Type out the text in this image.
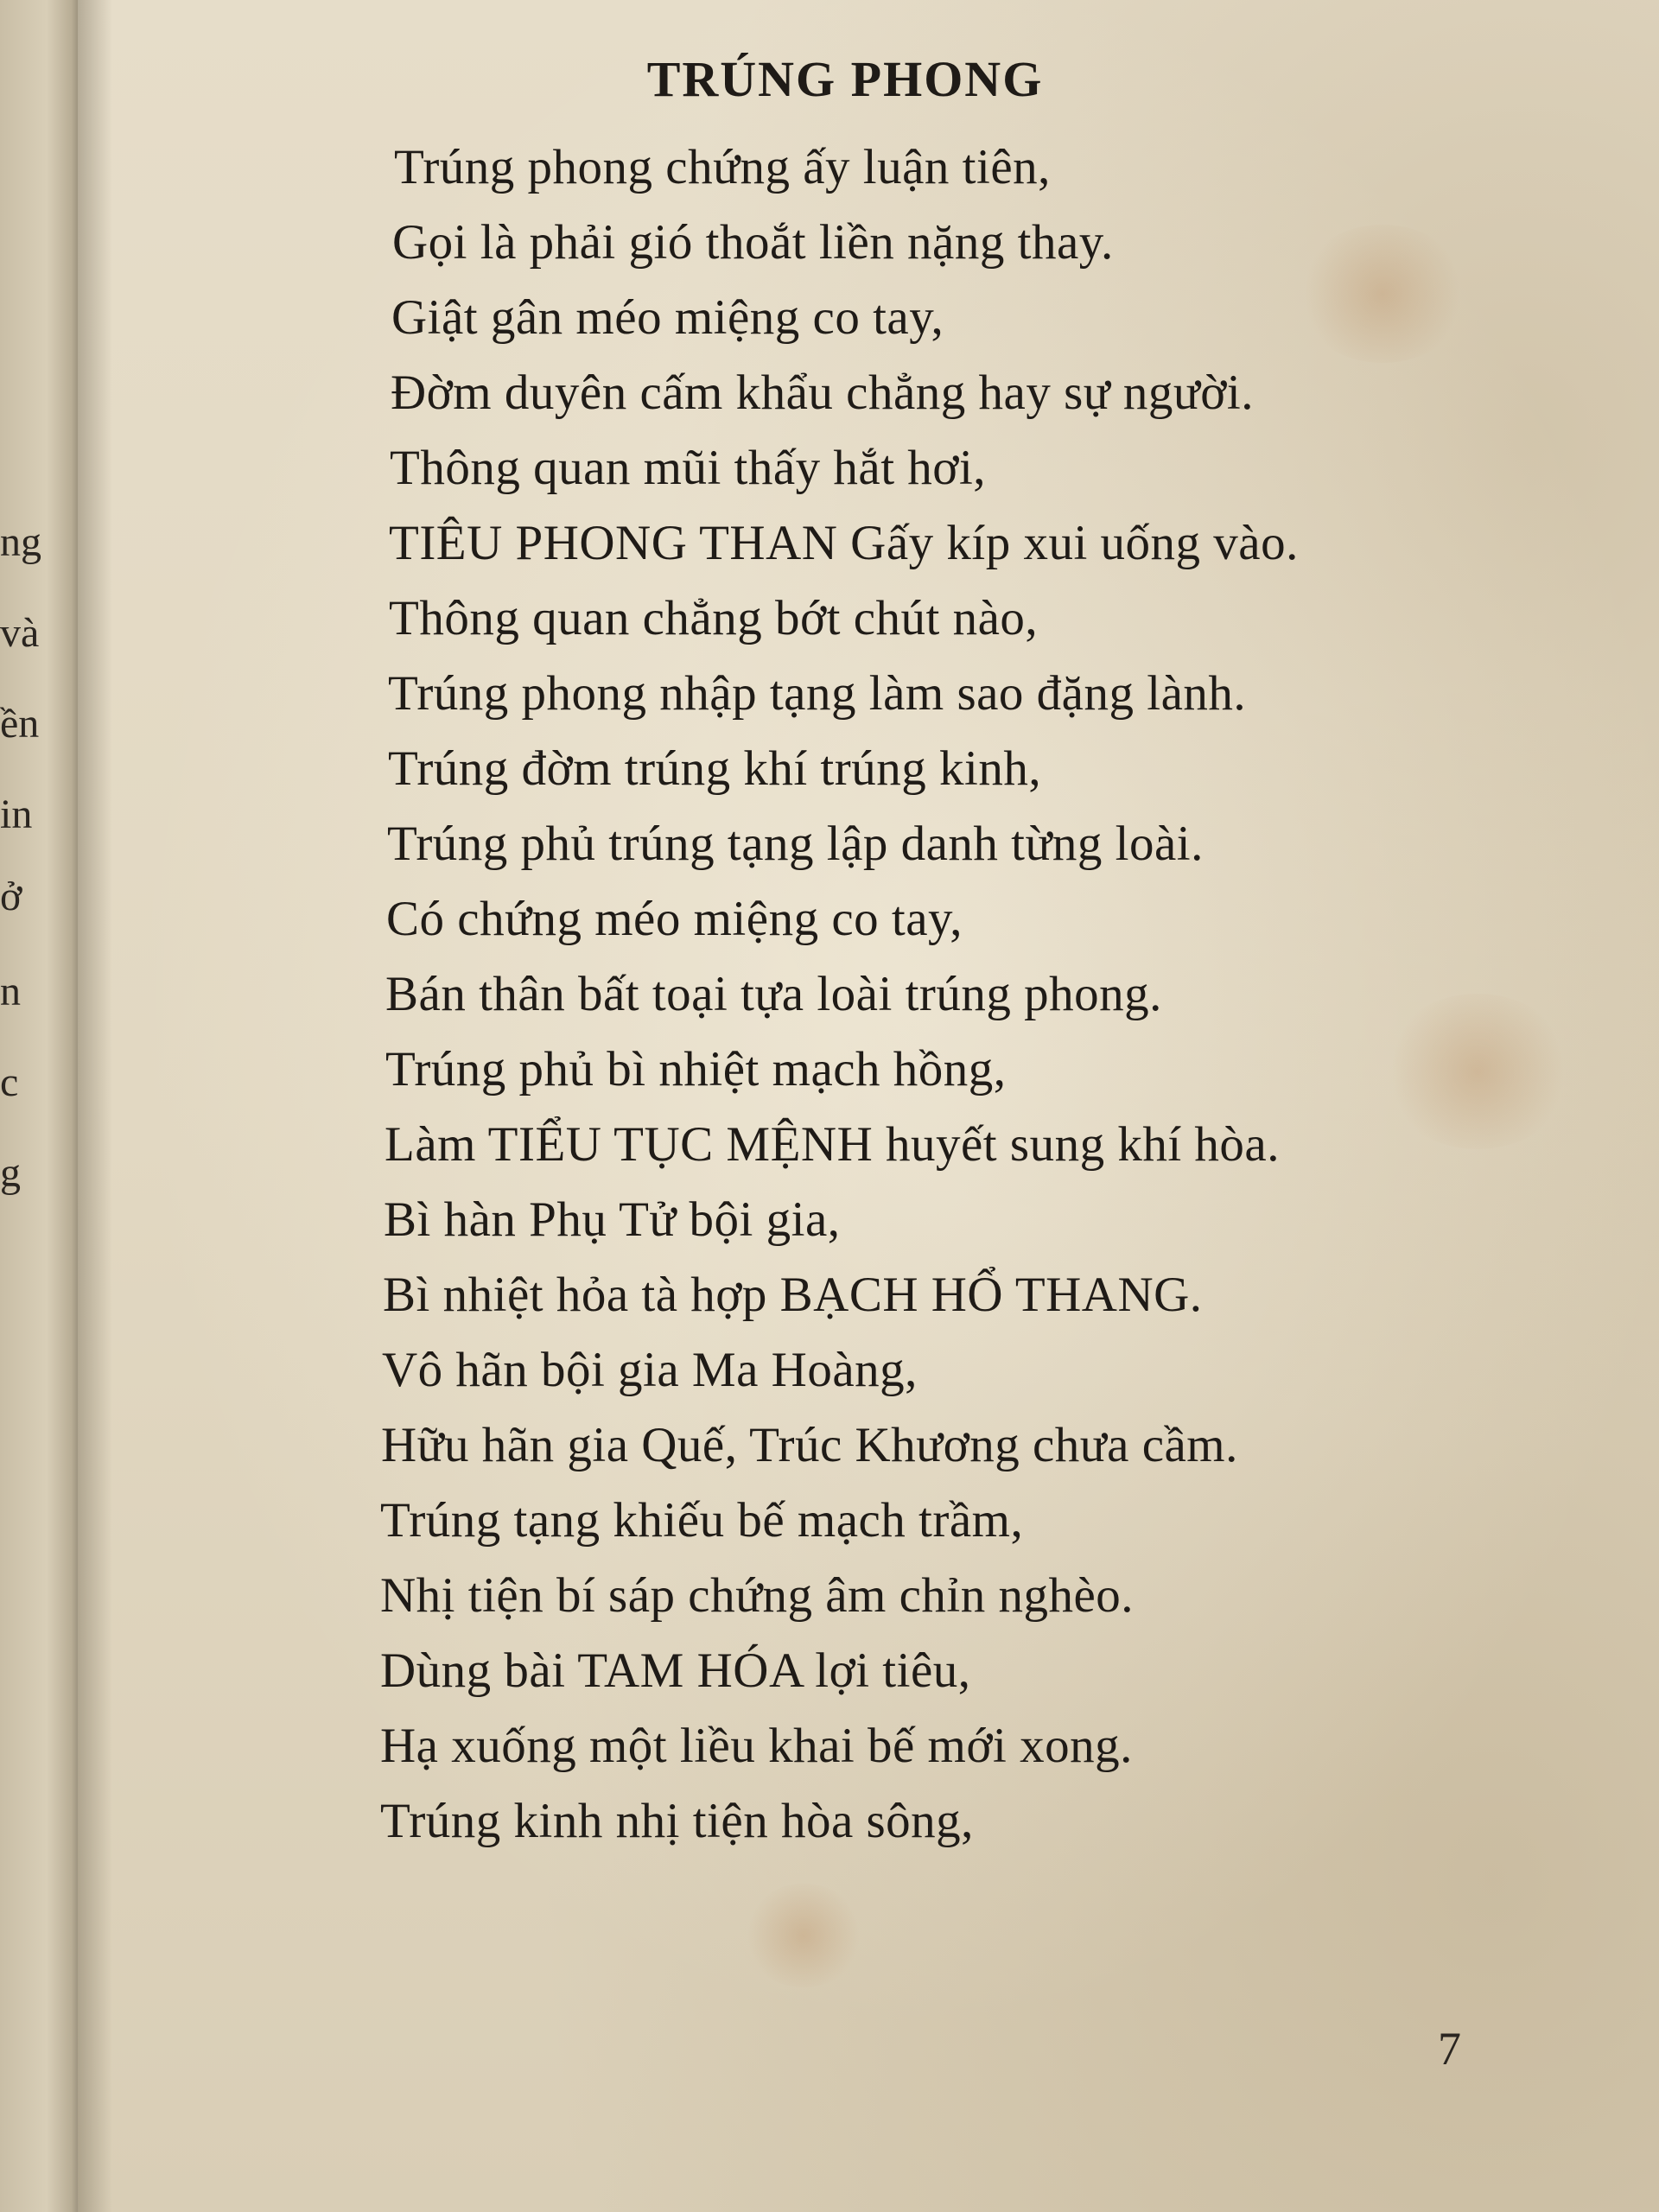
ng
và
ền
in
ở
n
c
g
TRÚNG PHONG
Trúng phong chứng ấy luận tiên,
Gọi là phải gió thoắt liền nặng thay.
Giật gân méo miệng co tay,
Đờm duyên cấm khẩu chẳng hay sự người.
Thông quan mũi thấy hắt hơi,
TIÊU PHONG THAN Gấy kíp xui uống vào.
Thông quan chẳng bớt chút nào,
Trúng phong nhập tạng làm sao đặng lành.
Trúng đờm trúng khí trúng kinh,
Trúng phủ trúng tạng lập danh từng loài.
Có chứng méo miệng co tay,
Bán thân bất toại tựa loài trúng phong.
Trúng phủ bì nhiệt mạch hồng,
Làm TIỂU TỤC MỆNH huyết sung khí hòa.
Bì hàn Phụ Tử bội gia,
Bì nhiệt hỏa tà hợp BẠCH HỔ THANG.
Vô hãn bội gia Ma Hoàng,
Hữu hãn gia Quế, Trúc Khương chưa cầm.
Trúng tạng khiếu bế mạch trầm,
Nhị tiện bí sáp chứng âm chỉn nghèo.
Dùng bài TAM HÓA lợi tiêu,
Hạ xuống một liều khai bế mới xong.
Trúng kinh nhị tiện hòa sông,
7
